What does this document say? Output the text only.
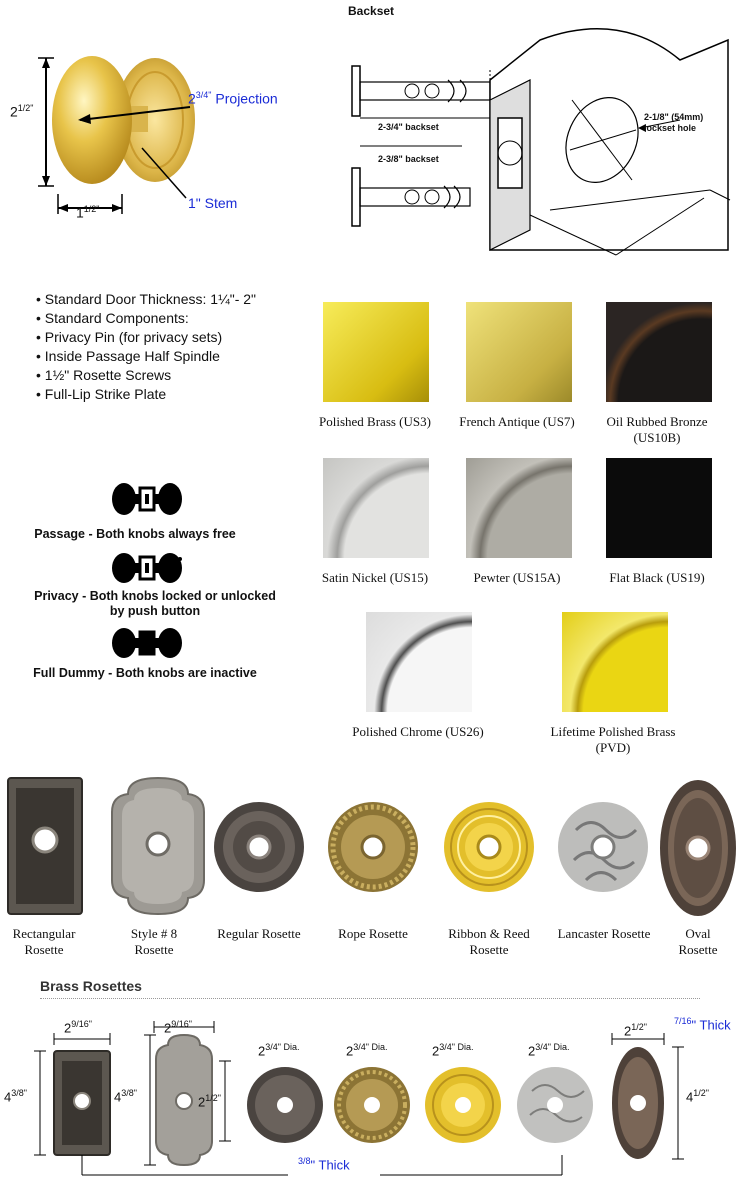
$2^{1/2"}$
$1^{1/2"}$
$2^{3/4"}$ Projection
1" Stem
Backset
2-3/4" backset
2-3/8" backset
2-1/8" (54mm)
lockset hole
• Standard Door Thickness: 1¼"- 2"
• Standard Components:
• Privacy Pin (for privacy sets)
• Inside Passage Half Spindle
• 1½" Rosette Screws
• Full-Lip Strike Plate
Passage - Both knobs always free
Privacy - Both knobs locked or unlocked
by push button
Full Dummy - Both knobs are inactive
Polished Brass (US3)	French Antique (US7)	Oil Rubbed Bronze
(US10B)
Satin Nickel (US15)	Pewter (US15A)	Flat Black (US19)
Polished Chrome (US26)	Lifetime Polished Brass
(PVD)
Rectangular
Rosette
Style # 8
Rosette
Regular Rosette	Rope Rosette	Ribbon & Reed
Rosette
Lancaster Rosette	Oval
Rosette
Brass Rosettes
$2^{9/16"}$
$4^{3/8"}$
$2^{9/16"}$
$4^{3/8"}$
$2^{1/2"}$
$2^{3/4" Dia.}$	$2^{3/4" Dia.}$	$2^{3/4" Dia.}$	$2^{3/4" Dia.}$
$2^{1/2"}$
$4^{1/2"}$
$^{7/16}$" Thick
$^{3/8}$" Thick
